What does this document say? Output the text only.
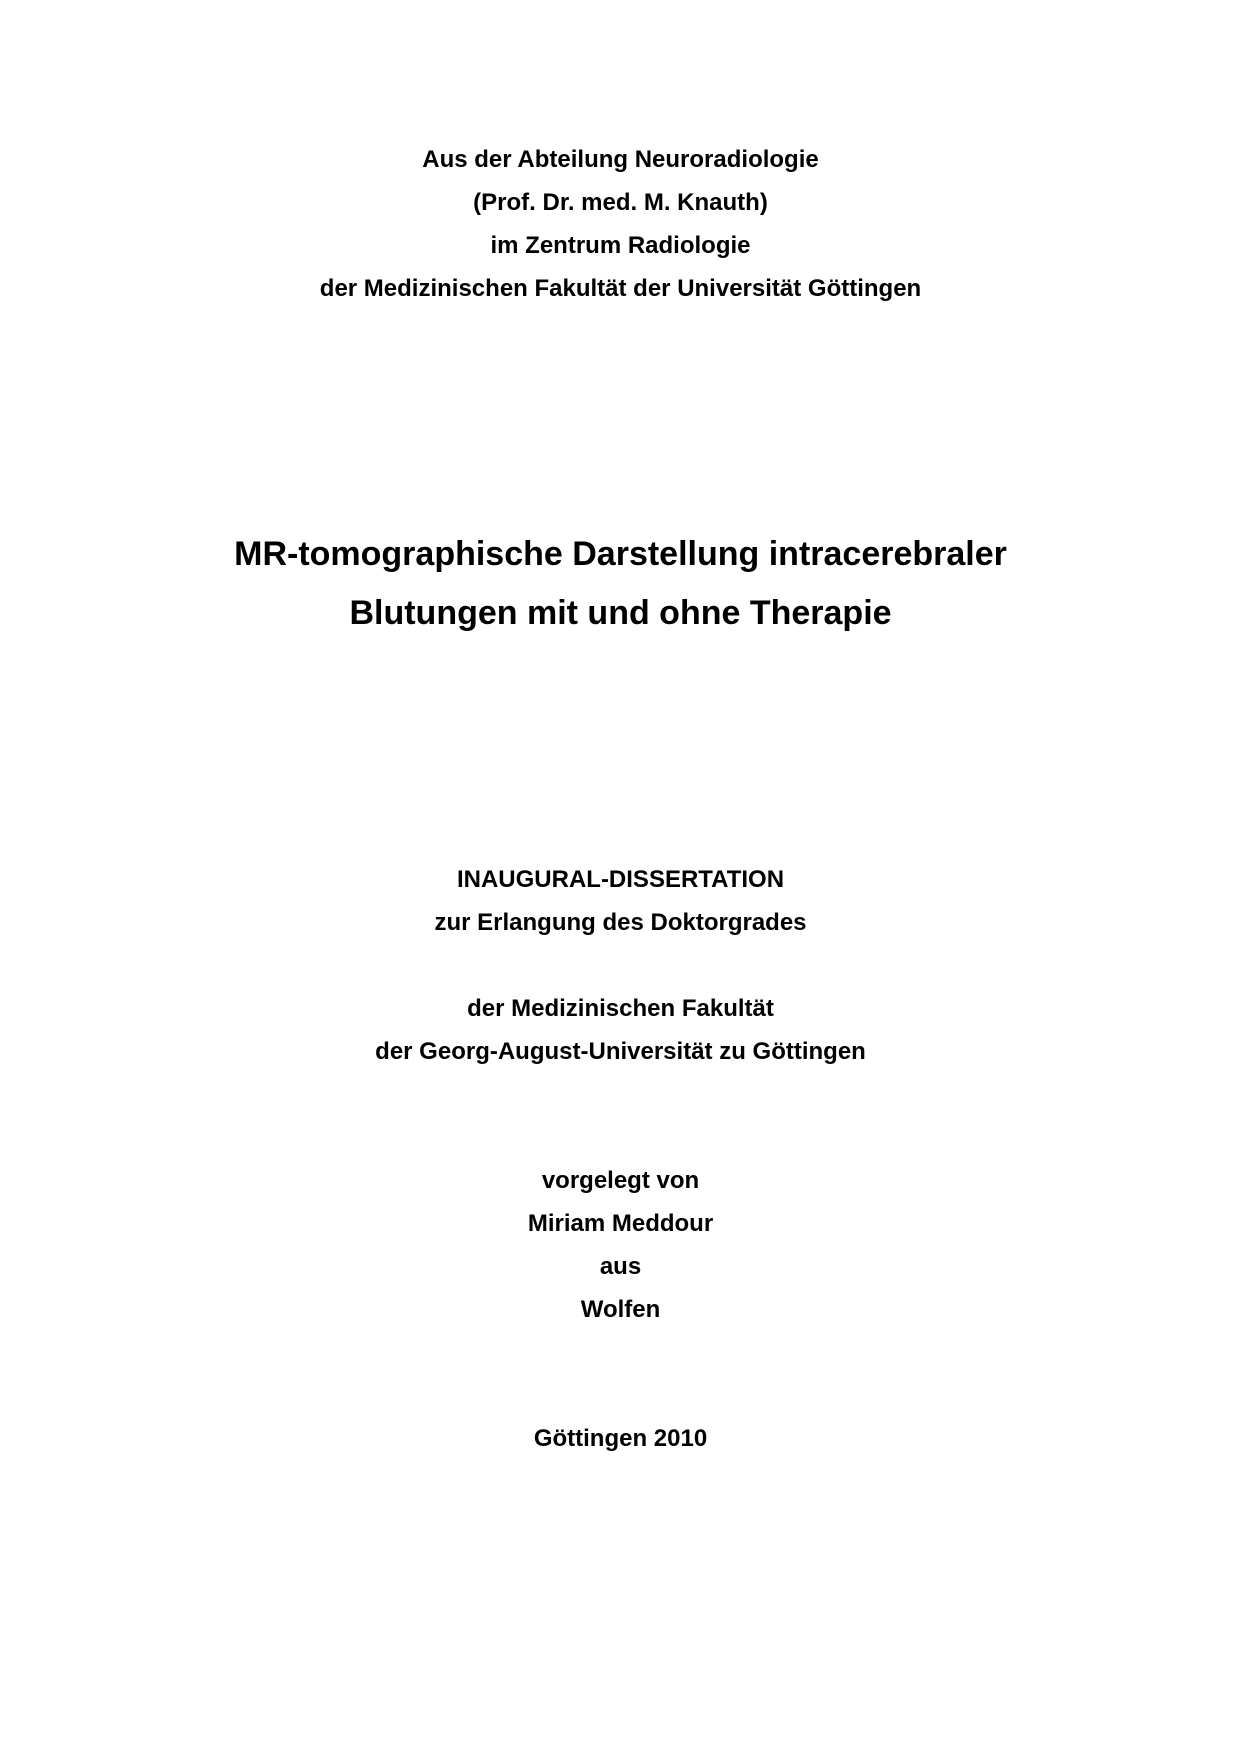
Aus der Abteilung Neuroradiologie
(Prof. Dr. med. M. Knauth)
im Zentrum Radiologie
der Medizinischen Fakultät der Universität Göttingen
MR-tomographische Darstellung intracerebraler
Blutungen mit und ohne Therapie
INAUGURAL-DISSERTATION
zur Erlangung des Doktorgrades
der Medizinischen Fakultät
der Georg-August-Universität zu Göttingen
vorgelegt von
Miriam Meddour
aus
Wolfen
Göttingen 2010
